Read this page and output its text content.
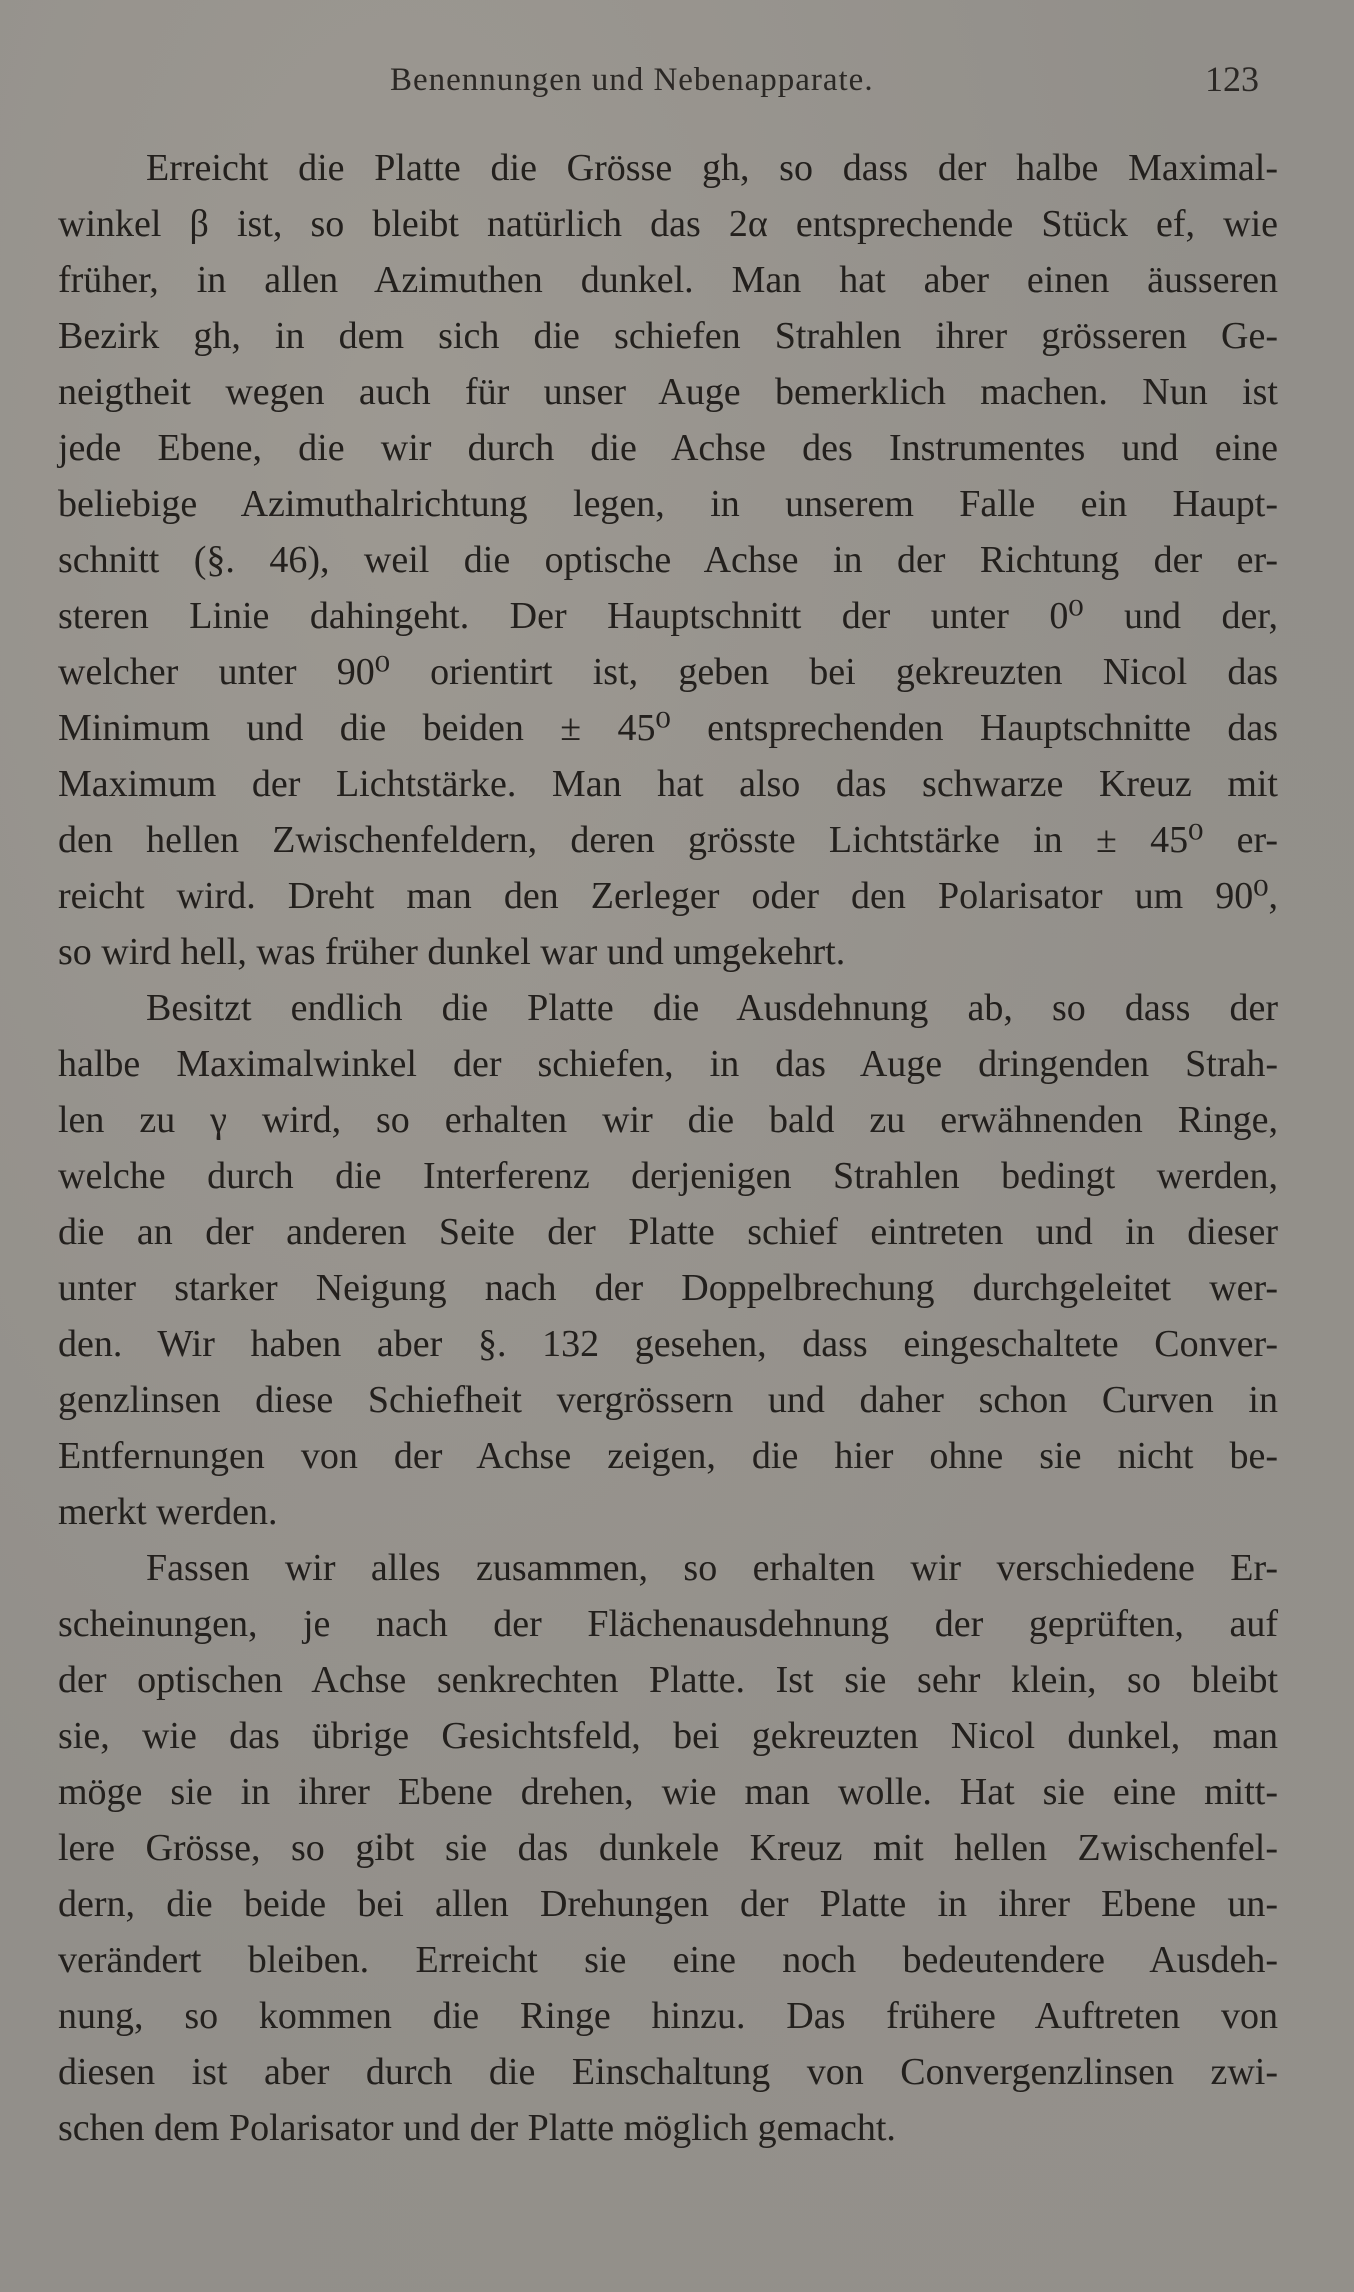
Benennungen und Nebenapparate.	123
Erreicht die Platte die Grösse gh, so dass der halbe Maximal-
winkel β ist, so bleibt natürlich das 2α entsprechende Stück ef, wie
früher, in allen Azimuthen dunkel. Man hat aber einen äusseren
Bezirk gh, in dem sich die schiefen Strahlen ihrer grösseren Ge-
neigtheit wegen auch für unser Auge bemerklich machen. Nun ist
jede Ebene, die wir durch die Achse des Instrumentes und eine
beliebige Azimuthalrichtung legen, in unserem Falle ein Haupt-
schnitt (§. 46), weil die optische Achse in der Richtung der er-
steren Linie dahingeht. Der Hauptschnitt der unter 0⁰ und der,
welcher unter 90⁰ orientirt ist, geben bei gekreuzten Nicol das
Minimum und die beiden ± 45⁰ entsprechenden Hauptschnitte das
Maximum der Lichtstärke. Man hat also das schwarze Kreuz mit
den hellen Zwischenfeldern, deren grösste Lichtstärke in ± 45⁰ er-
reicht wird. Dreht man den Zerleger oder den Polarisator um 90⁰,
so wird hell, was früher dunkel war und umgekehrt.
Besitzt endlich die Platte die Ausdehnung ab, so dass der
halbe Maximalwinkel der schiefen, in das Auge dringenden Strah-
len zu γ wird, so erhalten wir die bald zu erwähnenden Ringe,
welche durch die Interferenz derjenigen Strahlen bedingt werden,
die an der anderen Seite der Platte schief eintreten und in dieser
unter starker Neigung nach der Doppelbrechung durchgeleitet wer-
den. Wir haben aber §. 132 gesehen, dass eingeschaltete Conver-
genzlinsen diese Schiefheit vergrössern und daher schon Curven in
Entfernungen von der Achse zeigen, die hier ohne sie nicht be-
merkt werden.
Fassen wir alles zusammen, so erhalten wir verschiedene Er-
scheinungen, je nach der Flächenausdehnung der geprüften, auf
der optischen Achse senkrechten Platte. Ist sie sehr klein, so bleibt
sie, wie das übrige Gesichtsfeld, bei gekreuzten Nicol dunkel, man
möge sie in ihrer Ebene drehen, wie man wolle. Hat sie eine mitt-
lere Grösse, so gibt sie das dunkele Kreuz mit hellen Zwischenfel-
dern, die beide bei allen Drehungen der Platte in ihrer Ebene un-
verändert bleiben. Erreicht sie eine noch bedeutendere Ausdeh-
nung, so kommen die Ringe hinzu. Das frühere Auftreten von
diesen ist aber durch die Einschaltung von Convergenzlinsen zwi-
schen dem Polarisator und der Platte möglich gemacht.
